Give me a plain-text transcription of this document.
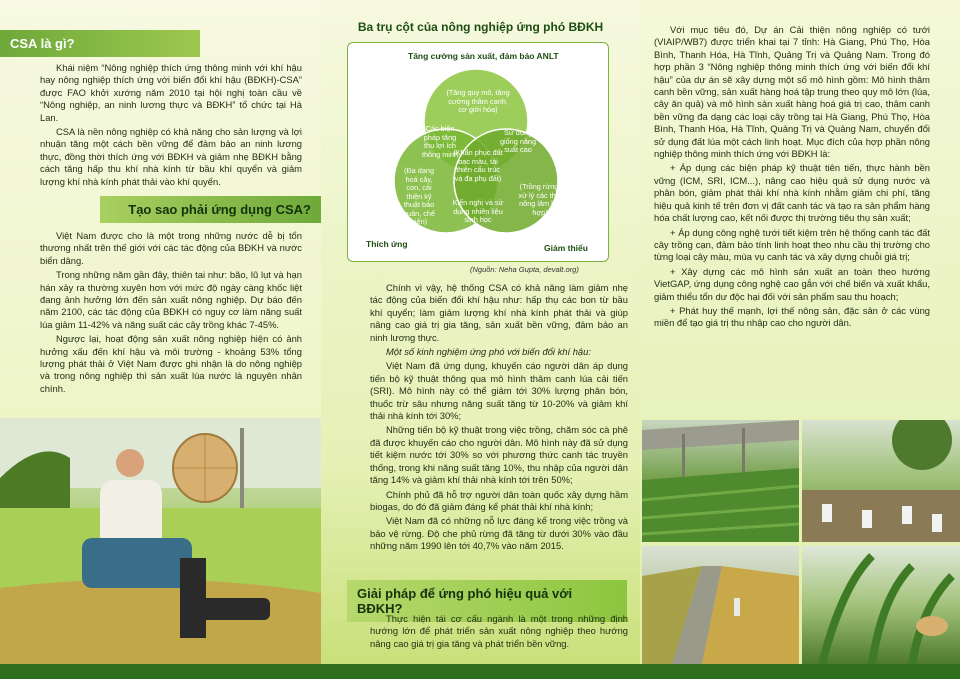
CSA là gì?

Khái niệm “Nông nghiệp thích ứng thông minh với khí hậu hay nông nghiệp thích ứng với biến đổi khí hậu (BĐKH)-CSA” được FAO khởi xướng năm 2010 tại hội nghị toàn cầu về “Nông nghiệp, an ninh lương thực và BĐKH” tổ chức tại Hà Lan.

CSA là nền nông nghiệp có khả năng cho sản lượng và lợi nhuận tăng một cách bền vững để đảm bảo an ninh lương thực, đồng thời thích ứng với BĐKH và giảm nhẹ BĐKH bằng cách tăng hấp thu khí nhà kính từ bầu khí quyển và giảm lượng khí nhà kính phát thải vào khí quyển.

Tạo sao phải ứng dụng CSA?

Việt Nam được cho là một trong những nước dễ bị tổn thương nhất trên thế giới với các tác động của BĐKH và nước biển dâng.

Trong những năm gần đây, thiên tai như: bão, lũ lụt và hạn hán xảy ra thường xuyên hơn với mức độ ngày càng khốc liệt đang ảnh hưởng lớn đến sản xuất nông nghiệp. Dự báo đến năm 2100, các tác động của BĐKH có nguy cơ làm năng suất lúa giảm 11-42% và năng suất các cây trồng khác 7-45%.

Ngược lại, hoạt động sản xuất nông nghiệp hiện có ảnh hưởng xấu đến khí hậu và môi trường - khoảng 53% tổng lượng phát thải ở Việt Nam được ghi nhận là do nông nghiệp và trong nông nghiệp thì sản xuất lúa nước là nguyên nhân chính.

Ba trụ cột của nông nghiệp ứng phó BĐKH
Tăng cường sản xuất, đảm bảo ANLT
(Tăng quy mô, tăng cường thâm canh, cơ giới hóa)
(Đa dạng hoá cây, con, cải thiện kỹ thuật bảo quản, chế biến)
(Trồng rừng, xử lý các thải nông lâm kết hợp)
Các biện pháp tăng thu lợi ích thông minh
Sử dụng giống năng suất cao
(Khẩn phục đất bạc màu, tái thiên cấu trúc và đa phụ đất)
Kiến nghị và sử dụng nhiên liệu sinh học
Thích ứng	Giảm thiểu
(Nguồn: Neha Gupta, devalt.org)

Chính vì vậy, hệ thống CSA có khả năng làm giảm nhẹ tác động của biến đổi khí hậu như: hấp thụ các bon từ bầu khí quyển; làm giảm lượng khí nhà kính phát thải và giúp nâng cao giá trị gia tăng, sản xuất bền vững, đảm bảo an ninh lương thực.

Một số kinh nghiệm ứng phó với biến đổi khí hậu:

Việt Nam đã ứng dụng, khuyến cáo người dân áp dụng tiến bộ kỹ thuật thông qua mô hình thâm canh lúa cải tiến (SRI). Mô hình này có thể giảm tới 30% lượng phân bón, thuốc trừ sâu nhưng năng suất tăng từ 10-20% và giảm khí thải nhà kính tới 30%;

Những tiến bộ kỹ thuật trong việc trồng, chăm sóc cà phê đã được khuyến cáo cho người dân. Mô hình này đã sử dụng tiết kiệm nước tới 30% so với phương thức canh tác truyền thống, trong khi năng suất tăng 10%, thu nhập của người dân tăng 14% và giảm khí thải nhà kính tới trên 50%;

Chính phủ đã hỗ trợ người dân toàn quốc xây dựng hầm biogas, do đó đã giảm đáng kể phát thải khí nhà kính;

Việt Nam đã có những nỗ lực đáng kể trong việc trồng và bảo vệ rừng. Độ che phủ rừng đã tăng từ dưới 30% vào đầu những năm 1990 lên tới 40,7% vào năm 2015.

Giải pháp để ứng phó hiệu quả với BĐKH?

Thực hiện tái cơ cấu ngành là một trong những định hướng lớn để phát triển sản xuất nông nghiệp theo hướng nâng cao giá trị gia tăng và phát triển bền vững.

Với mục tiêu đó, Dự án Cải thiện nông nghiệp có tưới (VIAIP/WB7) được triển khai tại 7 tỉnh: Hà Giang, Phú Thọ, Hòa Bình, Thanh Hóa, Hà Tĩnh, Quảng Trị và Quảng Nam. Trong đó hợp phần 3 “Nông nghiệp thông minh thích ứng với biến đổi khí hậu” của dự án sẽ xây dựng một số mô hình gồm: Mô hình thâm canh bền vững, sản xuất hàng hoá tập trung theo quy mô lớn (lúa, cây ăn quả) và mô hình sản xuất hàng hoá giá trị cao, thâm canh bền vững đa dạng các loại cây trồng tại Hà Giang, Phú Thọ, Hòa Bình, Thanh Hóa, Hà Tĩnh, Quảng Trị và Quảng Nam, chuyển đổi sử dụng đất lúa một cách linh hoạt. Mục đích của hợp phần nông nghiệp thông minh thích ứng với BĐKH là:

+ Áp dụng các biện pháp kỹ thuật tiên tiến, thực hành bền vững (ICM, SRI, ICM...), nâng cao hiệu quả sử dụng nước và phân bón, giảm phát thải khí nhà kính nhằm giảm chi phí, tăng hiệu quả kinh tế trên đơn vị đất canh tác và tạo ra sản phẩm hàng hóa chất lượng cao, kết nối được thị trường tiêu thụ sản xuất;

+ Áp dụng công nghệ tưới tiết kiệm trên hệ thống canh tác đất cây trồng cạn, đảm bảo tính linh hoạt theo nhu cầu thị trường cho từng loại cây màu, mùa vụ canh tác và xây dựng chuỗi giá trị;

+ Xây dựng các mô hình sản xuất an toàn theo hướng VietGAP, ứng dụng công nghệ cao gắn với chế biến và xuất khẩu, giảm thiểu tổn dư độc hại đối với sản phẩm sau thu hoạch;

+ Phát huy thế mạnh, lợi thế nông sản, đặc sản ở các vùng miền để tạo giá trị thu nhập cao cho người dân.
